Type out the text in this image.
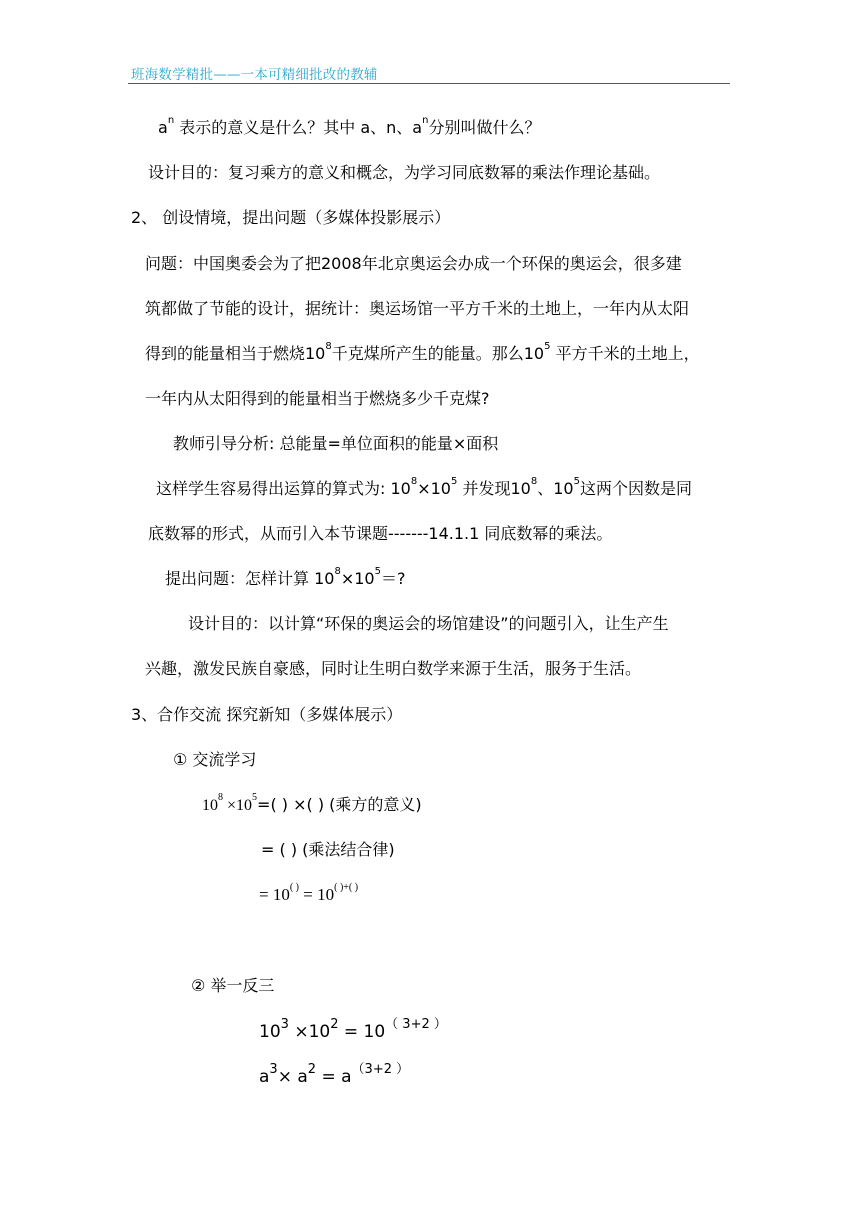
班海数学精批——一本可精细批改的教辅
$a^n$ 表示的意义是什么？其中 a、n、$a^n$分别叫做什么？
设计目的：复习乘方的意义和概念，为学习同底数幂的乘法作理论基础。
2、 创设情境，提出问题（多媒体投影展示）
问题：中国奥委会为了把2008年北京奥运会办成一个环保的奥运会，很多建
筑都做了节能的设计，据统计：奥运场馆一平方千米的土地上，一年内从太阳
得到的能量相当于燃烧$10^8$千克煤所产生的能量。那么$10^5$ 平方千米的土地上，
一年内从太阳得到的能量相当于燃烧多少千克煤?
教师引导分析: 总能量=单位面积的能量×面积
这样学生容易得出运算的算式为: $10^8\times 10^5$ 并发现$10^8$、$10^5$这两个因数是同
底数幂的形式，从而引入本节课题-------14.1.1 同底数幂的乘法。
提出问题：怎样计算 $10^8\times 10^5=$?
设计目的：以计算“环保的奥运会的场馆建设”的问题引入，让生产生
兴趣，激发民族自豪感，同时让生明白数学来源于生活，服务于生活。
3、合作交流 探究新知（多媒体展示）
① 交流学习
$10^8 \times 10^5=$( ) ×( ) (乘方的意义)
= ( ) (乘法结合律)
= 10( ) = 10( )+( )
② 举一反三
$10^3 \times 10^2 = 10^{( 3+2 )}$
$a^3\times a^2 = a^{(3+2 )}$
